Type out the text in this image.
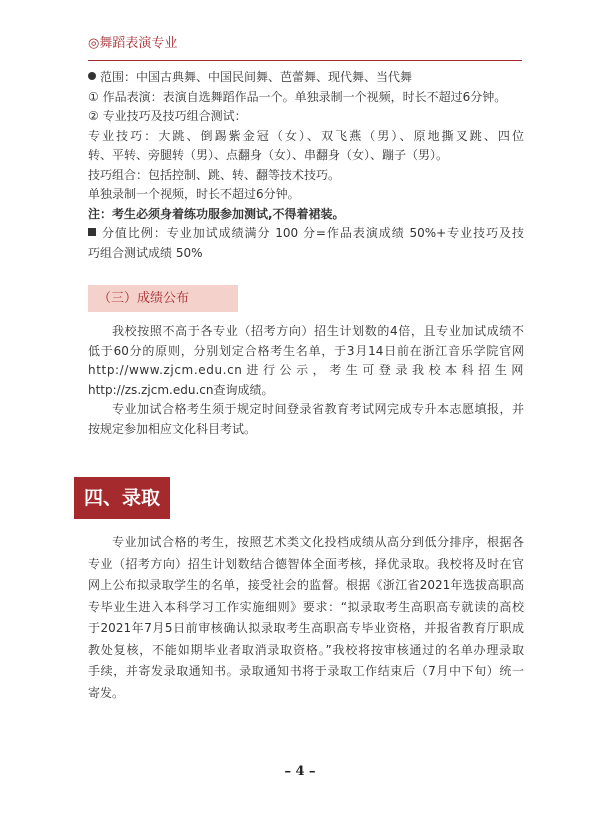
◎舞蹈表演专业
范围：中国古典舞、中国民间舞、芭蕾舞、现代舞、当代舞
① 作品表演：表演自选舞蹈作品一个。单独录制一个视频，时长不超过6分钟。
② 专业技巧及技巧组合测试：
专业技巧：大跳、倒踢紫金冠（女）、双飞燕（男）、原地撕叉跳、四位
转、平转、旁腿转（男）、点翻身（女）、串翻身（女）、蹦子（男）。
技巧组合：包括控制、跳、转、翻等技术技巧。
单独录制一个视频，时长不超过6分钟。
注：考生必须身着练功服参加测试,不得着裙装。
分值比例：专业加试成绩满分 100 分=作品表演成绩 50%+专业技巧及技
巧组合测试成绩 50%
（三）成绩公布
我校按照不高于各专业（招考方向）招生计划数的4倍，且专业加试成绩不
低于60分的原则，分别划定合格考生名单，于3月14日前在浙江音乐学院官网
http://www.zjcm.edu.cn进行公示，考生可登录我校本科招生网
http://zs.zjcm.edu.cn查询成绩。
专业加试合格考生须于规定时间登录省教育考试网完成专升本志愿填报，并
按规定参加相应文化科目考试。
四、录取
专业加试合格的考生，按照艺术类文化投档成绩从高分到低分排序，根据各
专业（招考方向）招生计划数结合德智体全面考核，择优录取。我校将及时在官
网上公布拟录取学生的名单，接受社会的监督。根据《浙江省2021年选拔高职高
专毕业生进入本科学习工作实施细则》要求：“拟录取考生高职高专就读的高校
于2021年7月5日前审核确认拟录取考生高职高专毕业资格，并报省教育厅职成
教处复核，不能如期毕业者取消录取资格。”我校将按审核通过的名单办理录取
手续，并寄发录取通知书。录取通知书将于录取工作结束后（7月中下旬）统一
寄发。
– 4 –
